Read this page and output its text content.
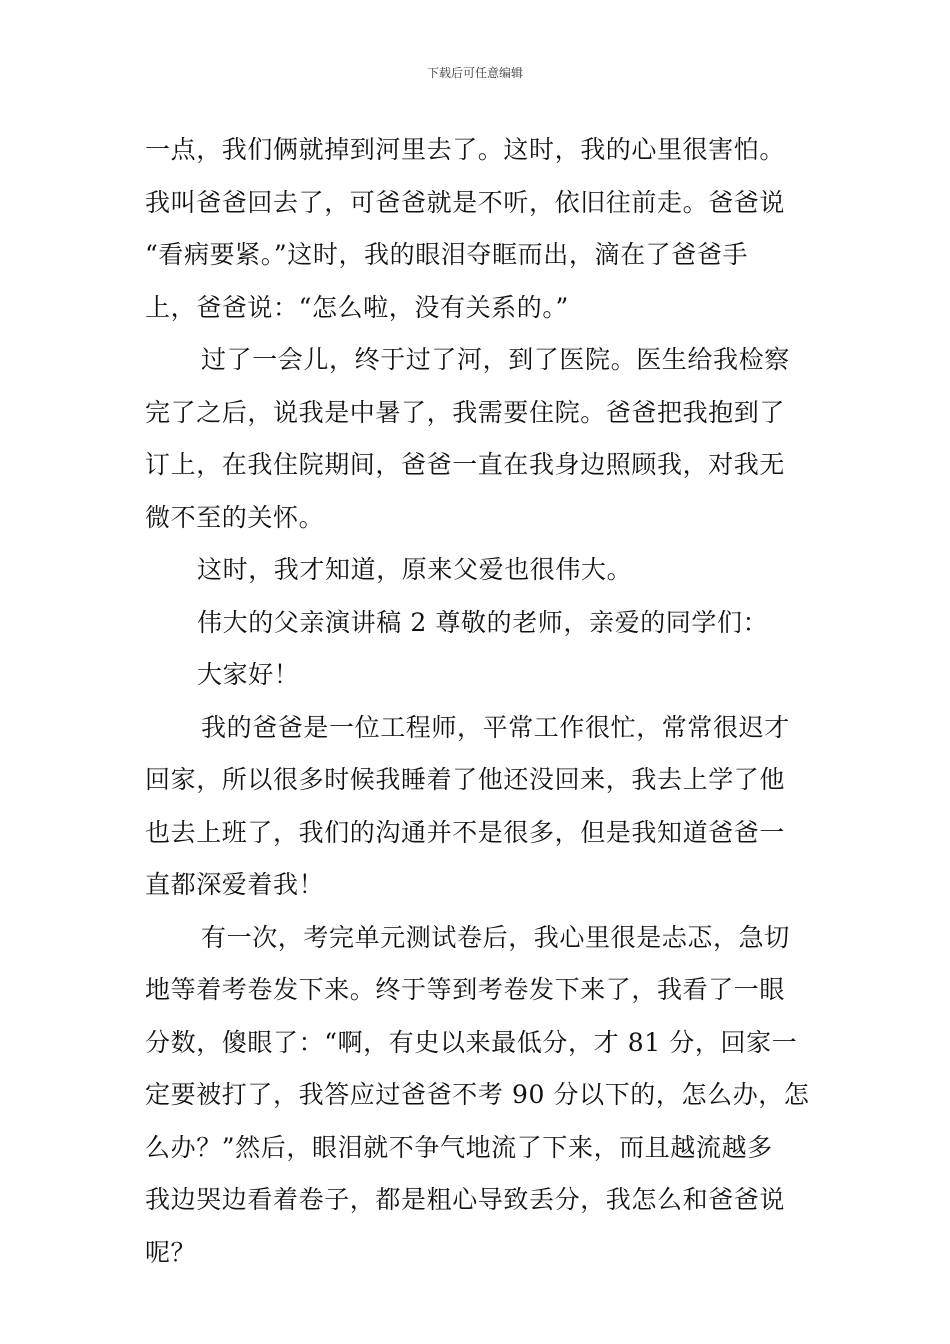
下载后可任意编辑
一点，我们俩就掉到河里去了。这时，我的心里很害怕。
我叫爸爸回去了，可爸爸就是不听，依旧往前走。爸爸说
“看病要紧。”这时，我的眼泪夺眶而出，滴在了爸爸手
上，爸爸说：“怎么啦，没有关系的。”
过了一会儿，终于过了河，到了医院。医生给我检察
完了之后，说我是中暑了，我需要住院。爸爸把我抱到了
订上，在我住院期间，爸爸一直在我身边照顾我，对我无
微不至的关怀。
这时，我才知道，原来父爱也很伟大。
伟大的父亲演讲稿 2 尊敬的老师，亲爱的同学们：
大家好！
我的爸爸是一位工程师，平常工作很忙，常常很迟才
回家，所以很多时候我睡着了他还没回来，我去上学了他
也去上班了，我们的沟通并不是很多，但是我知道爸爸一
直都深爱着我！
有一次，考完单元测试卷后，我心里很是忐忑，急切
地等着考卷发下来。终于等到考卷发下来了，我看了一眼
分数，傻眼了：“啊，有史以来最低分，才 81 分，回家一
定要被打了，我答应过爸爸不考 90 分以下的，怎么办，怎
么办？”然后，眼泪就不争气地流了下来，而且越流越多
我边哭边看着卷子，都是粗心导致丢分，我怎么和爸爸说
呢？
